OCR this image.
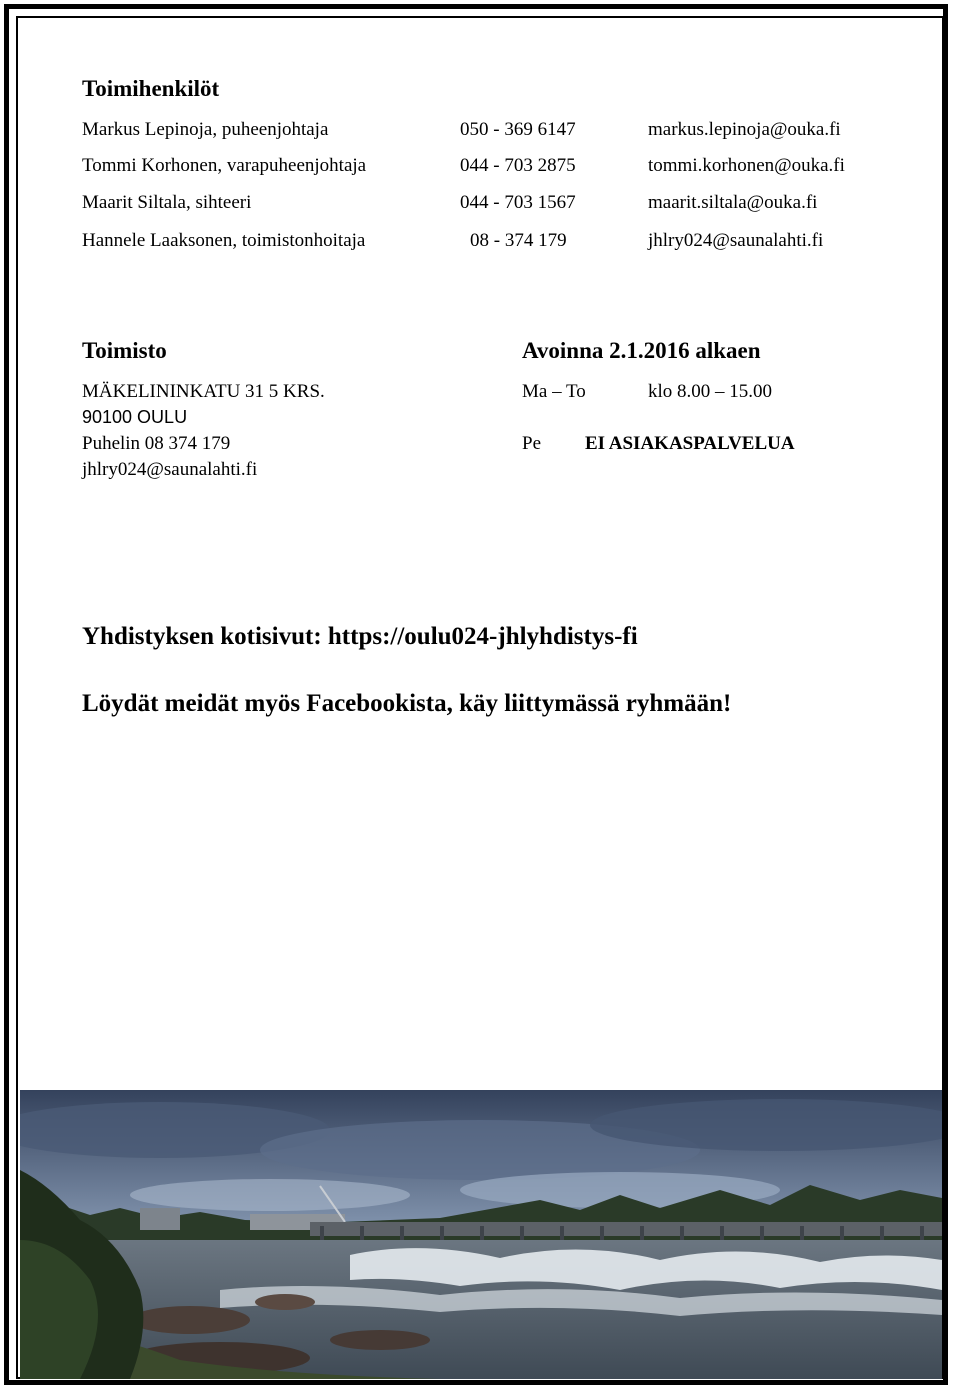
Toimihenkilöt
Markus Lepinoja, puheenjohtaja	050 - 369 6147	markus.lepinoja@ouka.fi
Tommi Korhonen, varapuheenjohtaja	044 - 703 2875	tommi.korhonen@ouka.fi
Maarit Siltala, sihteeri	044 - 703 1567	maarit.siltala@ouka.fi
Hannele Laaksonen, toimistonhoitaja	08 - 374 179	jhlry024@saunalahti.fi
Toimisto
MÄKELININKATU 31 5 KRS.
90100 OULU
Puhelin 08 374 179
jhlry024@saunalahti.fi
Avoinna 2.1.2016 alkaen
Ma – To	klo 8.00 – 15.00
Pe EI ASIAKASPALVELUA
Yhdistyksen kotisivut: https://oulu024-jhlyhdistys-fi
Löydät meidät myös Facebookista, käy liittymässä ryhmään!
